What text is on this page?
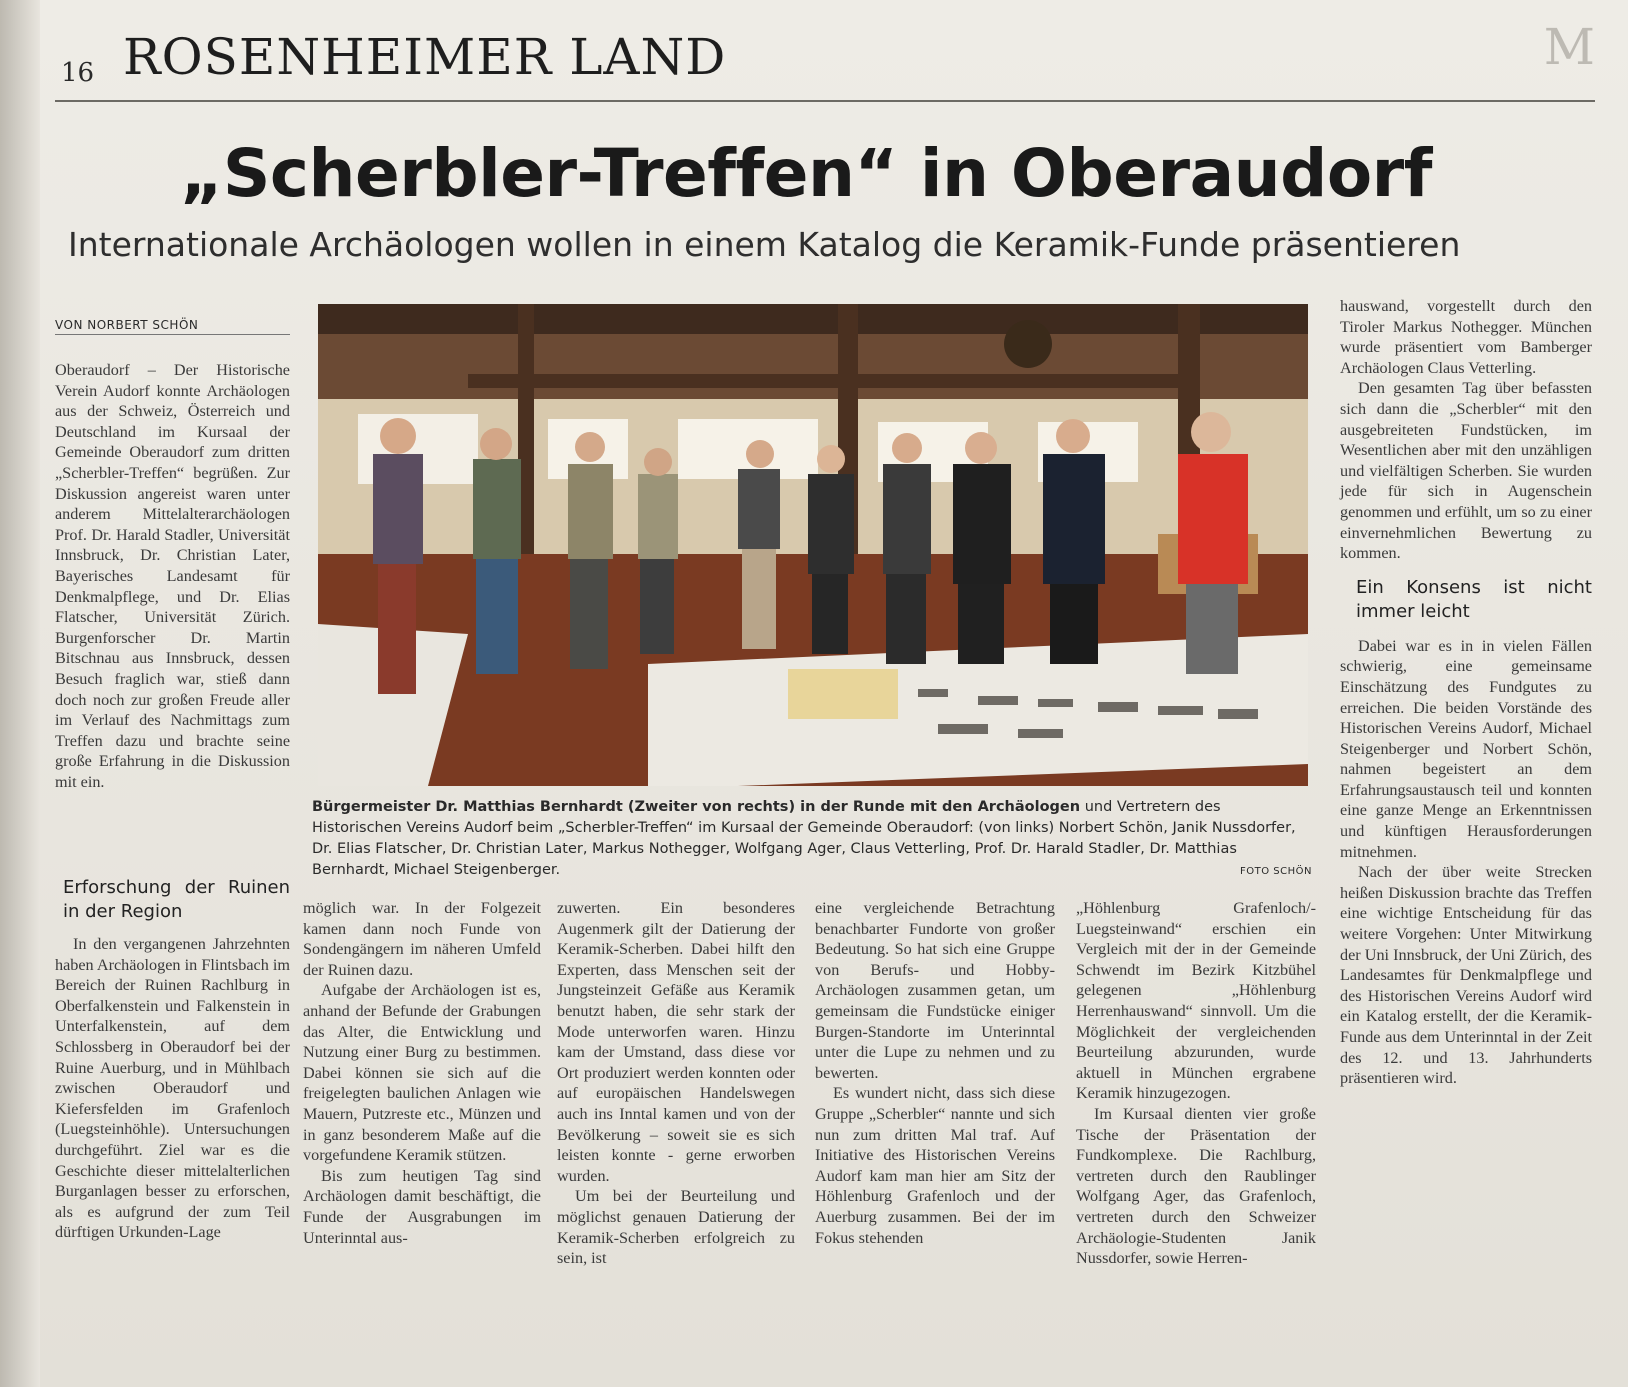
16 ROSENHEIMER LAND	M
„Scherbler-Treffen“ in Oberaudorf
Internationale Archäologen wollen in einem Katalog die Keramik-Funde präsentieren
VON NORBERT SCHÖN

Oberaudorf – Der Historische Verein Audorf konnte Archäologen aus der Schweiz, Österreich und Deutschland im Kursaal der Gemeinde Oberaudorf zum dritten „Scherbler-Treffen“ begrüßen. Zur Diskussion angereist waren unter anderem Mittelalterarchäologen Prof. Dr. Harald Stadler, Universität Innsbruck, Dr. Christian Later, Bayerisches Landesamt für Denkmalpflege, und Dr. Elias Flatscher, Universität Zürich. Burgenforscher Dr. Martin Bitschnau aus Innsbruck, dessen Besuch fraglich war, stieß dann doch noch zur großen Freude aller im Verlauf des Nachmittags zum Treffen dazu und brachte seine große Erfahrung in die Diskussion mit ein.

Bürgermeister Dr. Matthias Bernhardt (Zweiter von rechts) in der Runde mit den Archäologen und Vertretern des Historischen Vereins Audorf beim „Scherbler-Treffen“ im Kursaal der Gemeinde Oberaudorf: (von links) Norbert Schön, Janik Nussdorfer, Dr. Elias Flatscher, Dr. Christian Later, Markus Nothegger, Wolfgang Ager, Claus Vetterling, Prof. Dr. Harald Stadler, Dr. Matthias Bernhardt, Michael Steigenberger.	FOTO SCHÖN
Erforschung der Ruinen in der Region

In den vergangenen Jahrzehnten haben Archäologen in Flintsbach im Bereich der Ruinen Rachlburg in Oberfalkenstein und Falkenstein in Unterfalkenstein, auf dem Schlossberg in Oberaudorf bei der Ruine Auerburg, und in Mühlbach zwischen Oberaudorf und Kiefersfelden im Grafenloch (Luegsteinhöhle). Untersuchungen durchgeführt. Ziel war es die Geschichte dieser mittelalterlichen Burganlagen besser zu erforschen, als es aufgrund der zum Teil dürftigen Urkunden-Lage

möglich war. In der Folgezeit kamen dann noch Funde von Sondengängern im näheren Umfeld der Ruinen dazu.

Aufgabe der Archäologen ist es, anhand der Befunde der Grabungen das Alter, die Entwicklung und Nutzung einer Burg zu bestimmen. Dabei können sie sich auf die freigelegten baulichen Anlagen wie Mauern, Putzreste etc., Münzen und in ganz besonderem Maße auf die vorgefundene Keramik stützen.

Bis zum heutigen Tag sind Archäologen damit beschäftigt, die Funde der Ausgrabungen im Unterinntal aus-

zuwerten. Ein besonderes Augenmerk gilt der Datierung der Keramik-Scherben. Dabei hilft den Experten, dass Menschen seit der Jungsteinzeit Gefäße aus Keramik benutzt haben, die sehr stark der Mode unterworfen waren. Hinzu kam der Umstand, dass diese vor Ort produziert werden konnten oder auf europäischen Handelswegen auch ins Inntal kamen und von der Bevölkerung – soweit sie es sich leisten konnte - gerne erworben wurden.

Um bei der Beurteilung und möglichst genauen Datierung der Keramik-Scherben erfolgreich zu sein, ist

eine vergleichende Betrachtung benachbarter Fundorte von großer Bedeutung. So hat sich eine Gruppe von Berufs- und Hobby-Archäologen zusammen getan, um gemeinsam die Fundstücke einiger Burgen-Standorte im Unterinntal unter die Lupe zu nehmen und zu bewerten.

Es wundert nicht, dass sich diese Gruppe „Scherbler“ nannte und sich nun zum dritten Mal traf. Auf Initiative des Historischen Vereins Audorf kam man hier am Sitz der Höhlenburg Grafenloch und der Auerburg zusammen. Bei der im Fokus stehenden

„Höhlenburg Grafenloch/-Luegsteinwand“ erschien ein Vergleich mit der in der Gemeinde Schwendt im Bezirk Kitzbühel gelegenen „Höhlenburg Herrenhauswand“ sinnvoll. Um die Möglichkeit der vergleichenden Beurteilung abzurunden, wurde aktuell in München ergrabene Keramik hinzugezogen.

Im Kursaal dienten vier große Tische der Präsentation der Fundkomplexe. Die Rachlburg, vertreten durch den Raublinger Wolfgang Ager, das Grafenloch, vertreten durch den Schweizer Archäologie-Studenten Janik Nussdorfer, sowie Herren-

hauswand, vorgestellt durch den Tiroler Markus Nothegger. München wurde präsentiert vom Bamberger Archäologen Claus Vetterling.

Den gesamten Tag über befassten sich dann die „Scherbler“ mit den ausgebreiteten Fundstücken, im Wesentlichen aber mit den unzähligen und vielfältigen Scherben. Sie wurden jede für sich in Augenschein genommen und erfühlt, um so zu einer einvernehmlichen Bewertung zu kommen.

Ein Konsens ist nicht immer leicht

Dabei war es in in vielen Fällen schwierig, eine gemeinsame Einschätzung des Fundgutes zu erreichen. Die beiden Vorstände des Historischen Vereins Audorf, Michael Steigenberger und Norbert Schön, nahmen begeistert an dem Erfahrungsaustausch teil und konnten eine ganze Menge an Erkenntnissen und künftigen Herausforderungen mitnehmen.

Nach der über weite Strecken heißen Diskussion brachte das Treffen eine wichtige Entscheidung für das weitere Vorgehen: Unter Mitwirkung der Uni Innsbruck, der Uni Zürich, des Landesamtes für Denkmalpflege und des Historischen Vereins Audorf wird ein Katalog erstellt, der die Keramik-Funde aus dem Unterinntal in der Zeit des 12. und 13. Jahrhunderts präsentieren wird.
